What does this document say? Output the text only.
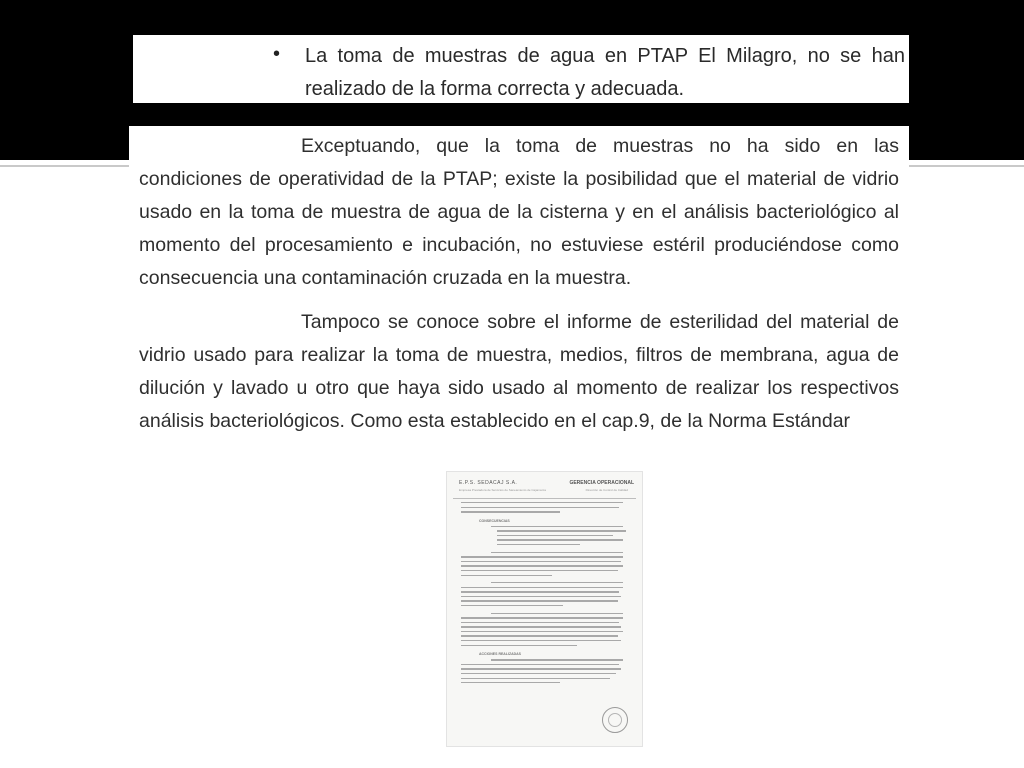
• La toma de muestras de agua en PTAP El Milagro, no se han realizado de la forma correcta y adecuada.
Exceptuando, que la toma de muestras no ha sido en las condiciones de operatividad de la PTAP; existe la posibilidad que el material de vidrio usado en la toma de muestra de agua de la cisterna y en el análisis bacteriológico al momento del procesamiento e incubación, no estuviese estéril produciéndose como consecuencia una contaminación cruzada en la muestra.
Tampoco se conoce sobre el informe de esterilidad del material de vidrio usado para realizar la toma de muestra, medios, filtros de membrana, agua de dilución y lavado u otro que haya sido usado al momento de realizar los respectivos análisis bacteriológicos. Como esta establecido en el cap.9, de la Norma Estándar
E.P.S. SEDACAJ S.A.
Empresa Prestadora de Servicios de Saneamiento de Cajamarca
GERENCIA OPERACIONAL
Dirección de Control de Calidad
CONSECUENCIAS
ACCIONES REALIZADAS
